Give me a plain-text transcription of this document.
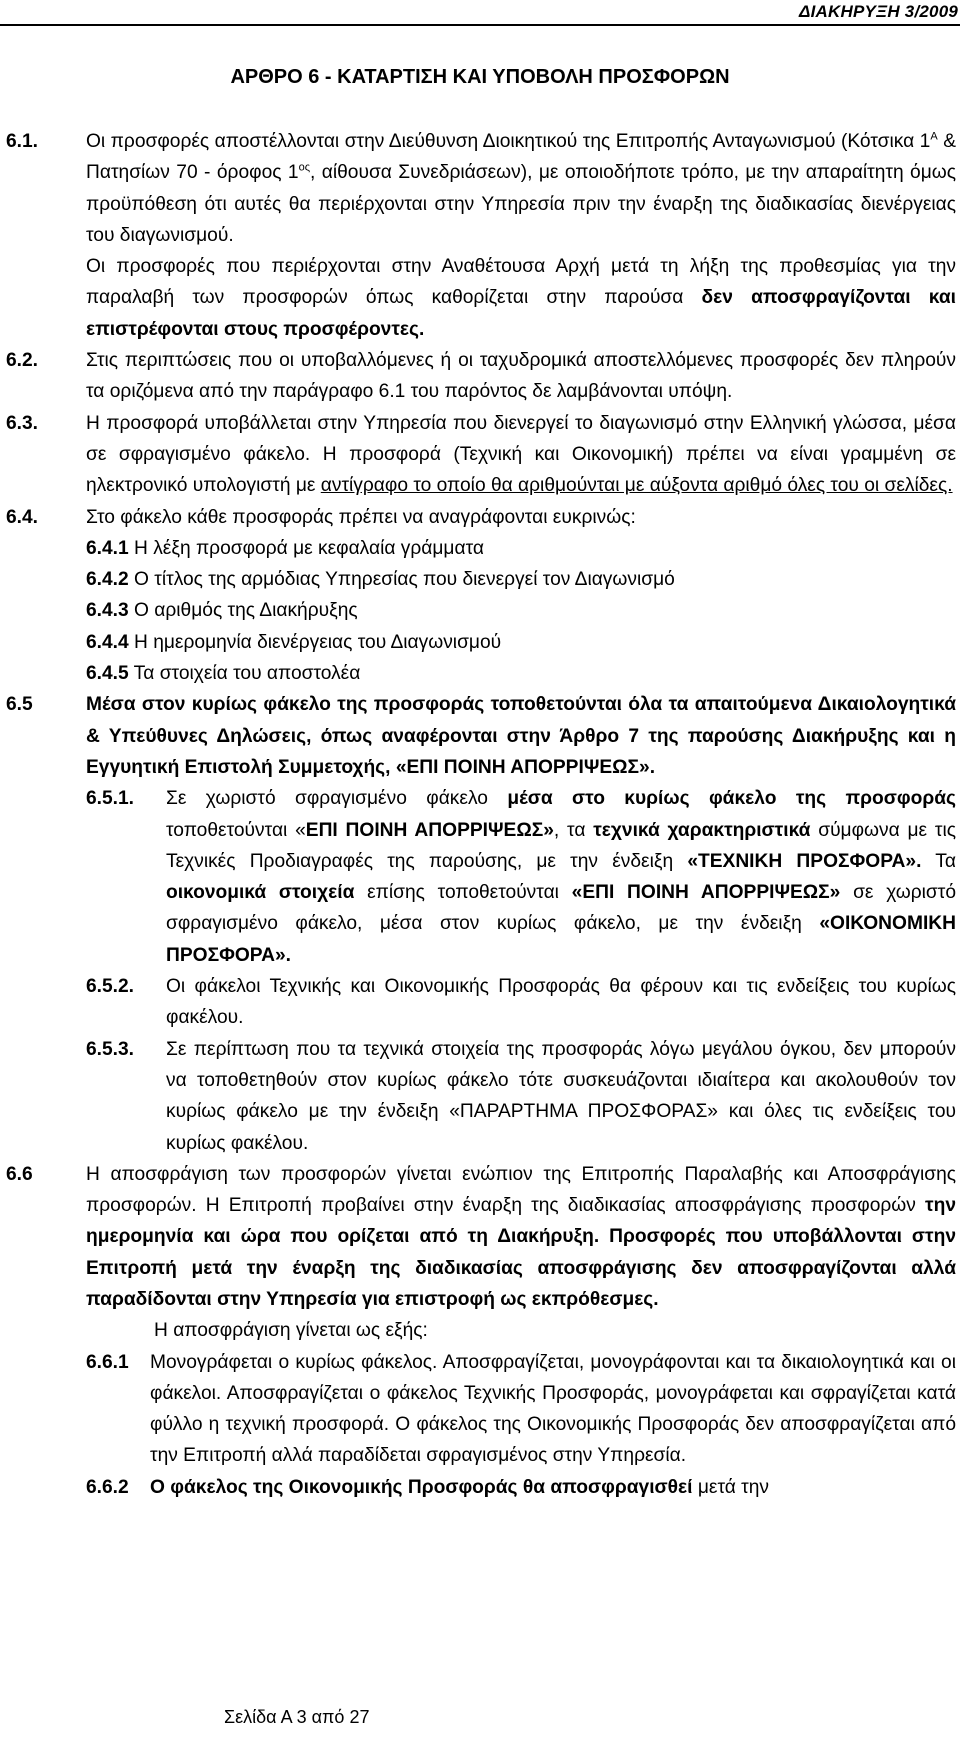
ΔΙΑΚΗΡΥΞΗ 3/2009
ΑΡΘΡΟ 6 - ΚΑΤΑΡΤΙΣΗ ΚΑΙ ΥΠΟΒΟΛΗ ΠΡΟΣΦΟΡΩΝ
6.1.	Οι προσφορές αποστέλλονται στην Διεύθυνση Διοικητικού της Επιτροπής Ανταγωνισμού (Κότσικα $1^A$ & Πατησίων 70 - όροφος $1^{o\varsigma}$, αίθουσα Συνεδριάσεων), με οποιοδήποτε τρόπο, με την απαραίτητη όμως προϋπόθεση ότι αυτές θα περιέρχονται στην Υπηρεσία πριν την έναρξη της διαδικασίας διενέργειας του διαγωνισμού.
Οι προσφορές που περιέρχονται στην Αναθέτουσα Αρχή μετά τη λήξη της προθεσμίας για την παραλαβή των προσφορών όπως καθορίζεται στην παρούσα δεν αποσφραγίζονται και επιστρέφονται στους προσφέροντες.
6.2.	Στις περιπτώσεις που οι υποβαλλόμενες ή οι ταχυδρομικά αποστελλόμενες προσφορές δεν πληρούν τα οριζόμενα από την παράγραφο 6.1 του παρόντος δε λαμβάνονται υπόψη.
6.3.	Η προσφορά υποβάλλεται στην Υπηρεσία που διενεργεί το διαγωνισμό στην Ελληνική γλώσσα, μέσα σε σφραγισμένο φάκελο. Η προσφορά (Τεχνική και Οικονομική) πρέπει να είναι γραμμένη σε ηλεκτρονικό υπολογιστή με αντίγραφο το οποίο θα αριθμούνται με αύξοντα αριθμό όλες του οι σελίδες.
6.4.	Στο φάκελο κάθε προσφοράς πρέπει να αναγράφονται ευκρινώς:
6.4.1 Η λέξη προσφορά με κεφαλαία γράμματα
6.4.2 Ο τίτλος της αρμόδιας Υπηρεσίας που διενεργεί τον Διαγωνισμό
6.4.3 Ο αριθμός της Διακήρυξης
6.4.4 Η ημερομηνία διενέργειας του Διαγωνισμού
6.4.5 Τα στοιχεία του αποστολέα
6.5	Μέσα στον κυρίως φάκελο της προσφοράς τοποθετούνται όλα τα απαιτούμενα Δικαιολογητικά & Υπεύθυνες Δηλώσεις, όπως αναφέρονται στην Άρθρο 7 της παρούσης Διακήρυξης και η Εγγυητική Επιστολή Συμμετοχής, «ΕΠΙ ΠΟΙΝΗ ΑΠΟΡΡΙΨΕΩΣ».
6.5.1.	Σε χωριστό σφραγισμένο φάκελο μέσα στο κυρίως φάκελο της προσφοράς τοποθετούνται «ΕΠΙ ΠΟΙΝΗ ΑΠΟΡΡΙΨΕΩΣ», τα τεχνικά χαρακτηριστικά σύμφωνα με τις Τεχνικές Προδιαγραφές της παρούσης, με την ένδειξη «ΤΕΧΝΙΚΗ ΠΡΟΣΦΟΡΑ». Τα οικονομικά στοιχεία επίσης τοποθετούνται «ΕΠΙ ΠΟΙΝΗ ΑΠΟΡΡΙΨΕΩΣ» σε χωριστό σφραγισμένο φάκελο, μέσα στον κυρίως φάκελο, με την ένδειξη «ΟΙΚΟΝΟΜΙΚΗ ΠΡΟΣΦΟΡΑ».
6.5.2.	Οι φάκελοι Τεχνικής και Οικονομικής Προσφοράς θα φέρουν και τις ενδείξεις του κυρίως φακέλου.
6.5.3.	Σε περίπτωση που τα τεχνικά στοιχεία της προσφοράς λόγω μεγάλου όγκου, δεν μπορούν να τοποθετηθούν στον κυρίως φάκελο τότε συσκευάζονται ιδιαίτερα και ακολουθούν τον κυρίως φάκελο με την ένδειξη «ΠΑΡΑΡΤΗΜΑ ΠΡΟΣΦΟΡΑΣ» και όλες τις ενδείξεις του κυρίως φακέλου.
6.6	Η αποσφράγιση των προσφορών γίνεται ενώπιον της Επιτροπής Παραλαβής και Αποσφράγισης προσφορών. Η Επιτροπή προβαίνει στην έναρξη της διαδικασίας αποσφράγισης προσφορών την ημερομηνία και ώρα που ορίζεται από τη Διακήρυξη. Προσφορές που υποβάλλονται στην Επιτροπή μετά την έναρξη της διαδικασίας αποσφράγισης δεν αποσφραγίζονται αλλά παραδίδονται στην Υπηρεσία για επιστροφή ως εκπρόθεσμες.
Η αποσφράγιση γίνεται ως εξής:
6.6.1	Μονογράφεται ο κυρίως φάκελος. Αποσφραγίζεται, μονογράφονται και τα δικαιολογητικά και οι φάκελοι. Αποσφραγίζεται ο φάκελος Τεχνικής Προσφοράς, μονογράφεται και σφραγίζεται κατά φύλλο η τεχνική προσφορά. Ο φάκελος της Οικονομικής Προσφοράς δεν αποσφραγίζεται από την Επιτροπή αλλά παραδίδεται σφραγισμένος στην Υπηρεσία.
6.6.2	Ο φάκελος της Οικονομικής Προσφοράς θα αποσφραγισθεί μετά την
Σελίδα Α 3 από 27
